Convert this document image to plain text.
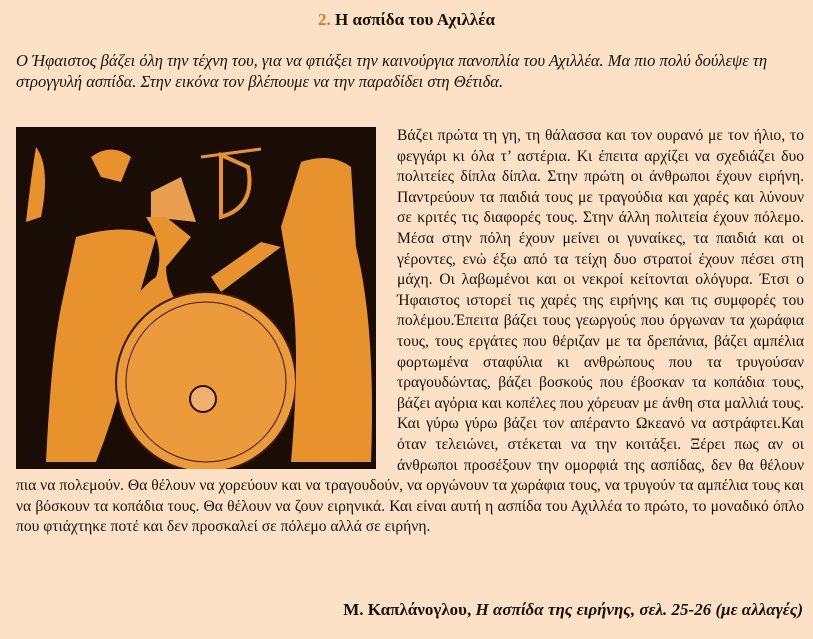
2. Η ασπίδα του Αχιλλέα
Ο Ήφαιστος βάζει όλη την τέχνη του, για να φτιάξει την καινούργια πανοπλία του Αχιλλέα. Μα πιο πολύ δούλεψε τη στρογγυλή ασπίδα. Στην εικόνα τον βλέπουμε να την παραδίδει στη Θέτιδα.
Βάζει πρώτα τη γη, τη θάλασσα και τον ουρανό με τον ήλιο, το φεγγάρι κι όλα τ’ αστέρια. Κι έπειτα αρχίζει να σχεδιάζει δυο πολιτείες δίπλα δίπλα. Στην πρώτη οι άνθρωποι έχουν ειρήνη. Παντρεύουν τα παιδιά τους με τραγούδια και χαρές και λύνουν σε κριτές τις διαφορές τους. Στην άλλη πολιτεία έχουν πόλεμο. Μέσα στην πόλη έχουν μείνει οι γυναίκες, τα παιδιά και οι γέροντες, ενώ έξω από τα τείχη δυο στρατοί έχουν πέσει στη μάχη. Οι λαβωμένοι και οι νεκροί κείτονται ολόγυρα. Έτσι ο Ήφαιστος ιστορεί τις χαρές της ειρήνης και τις συμφορές του πολέμου.Έπειτα βάζει τους γεωργούς που όργωναν τα χωράφια τους, τους εργάτες που θέριζαν με τα δρεπάνια, βάζει αμπέλια φορτωμένα σταφύλια κι ανθρώπους που τα τρυγούσαν τραγουδώντας, βάζει βοσκούς που έβοσκαν τα κοπάδια τους, βάζει αγόρια και κοπέλες που χόρευαν με άνθη στα μαλλιά τους. Και γύρω γύρω βάζει τον απέραντο Ωκεανό να αστράφτει.Και όταν τελειώνει, στέκεται να την κοιτάξει. Ξέρει πως αν οι άνθρωποι προσέξουν την ομορφιά της ασπίδας, δεν θα θέλουν πια να πολεμούν. Θα θέλουν να χορεύουν και να τραγουδούν, να οργώνουν τα χωράφια τους, να τρυγούν τα αμπέλια τους και να βόσκουν τα κοπάδια τους. Θα θέλουν να ζουν ειρηνικά. Και είναι αυτή η ασπίδα του Αχιλλέα το πρώτο, το μοναδικό όπλο που φτιάχτηκε ποτέ και δεν προσκαλεί σε πόλεμο αλλά σε ειρήνη.
Μ. Καπλάνογλου, Η ασπίδα της ειρήνης, σελ. 25-26 (με αλλαγές)
